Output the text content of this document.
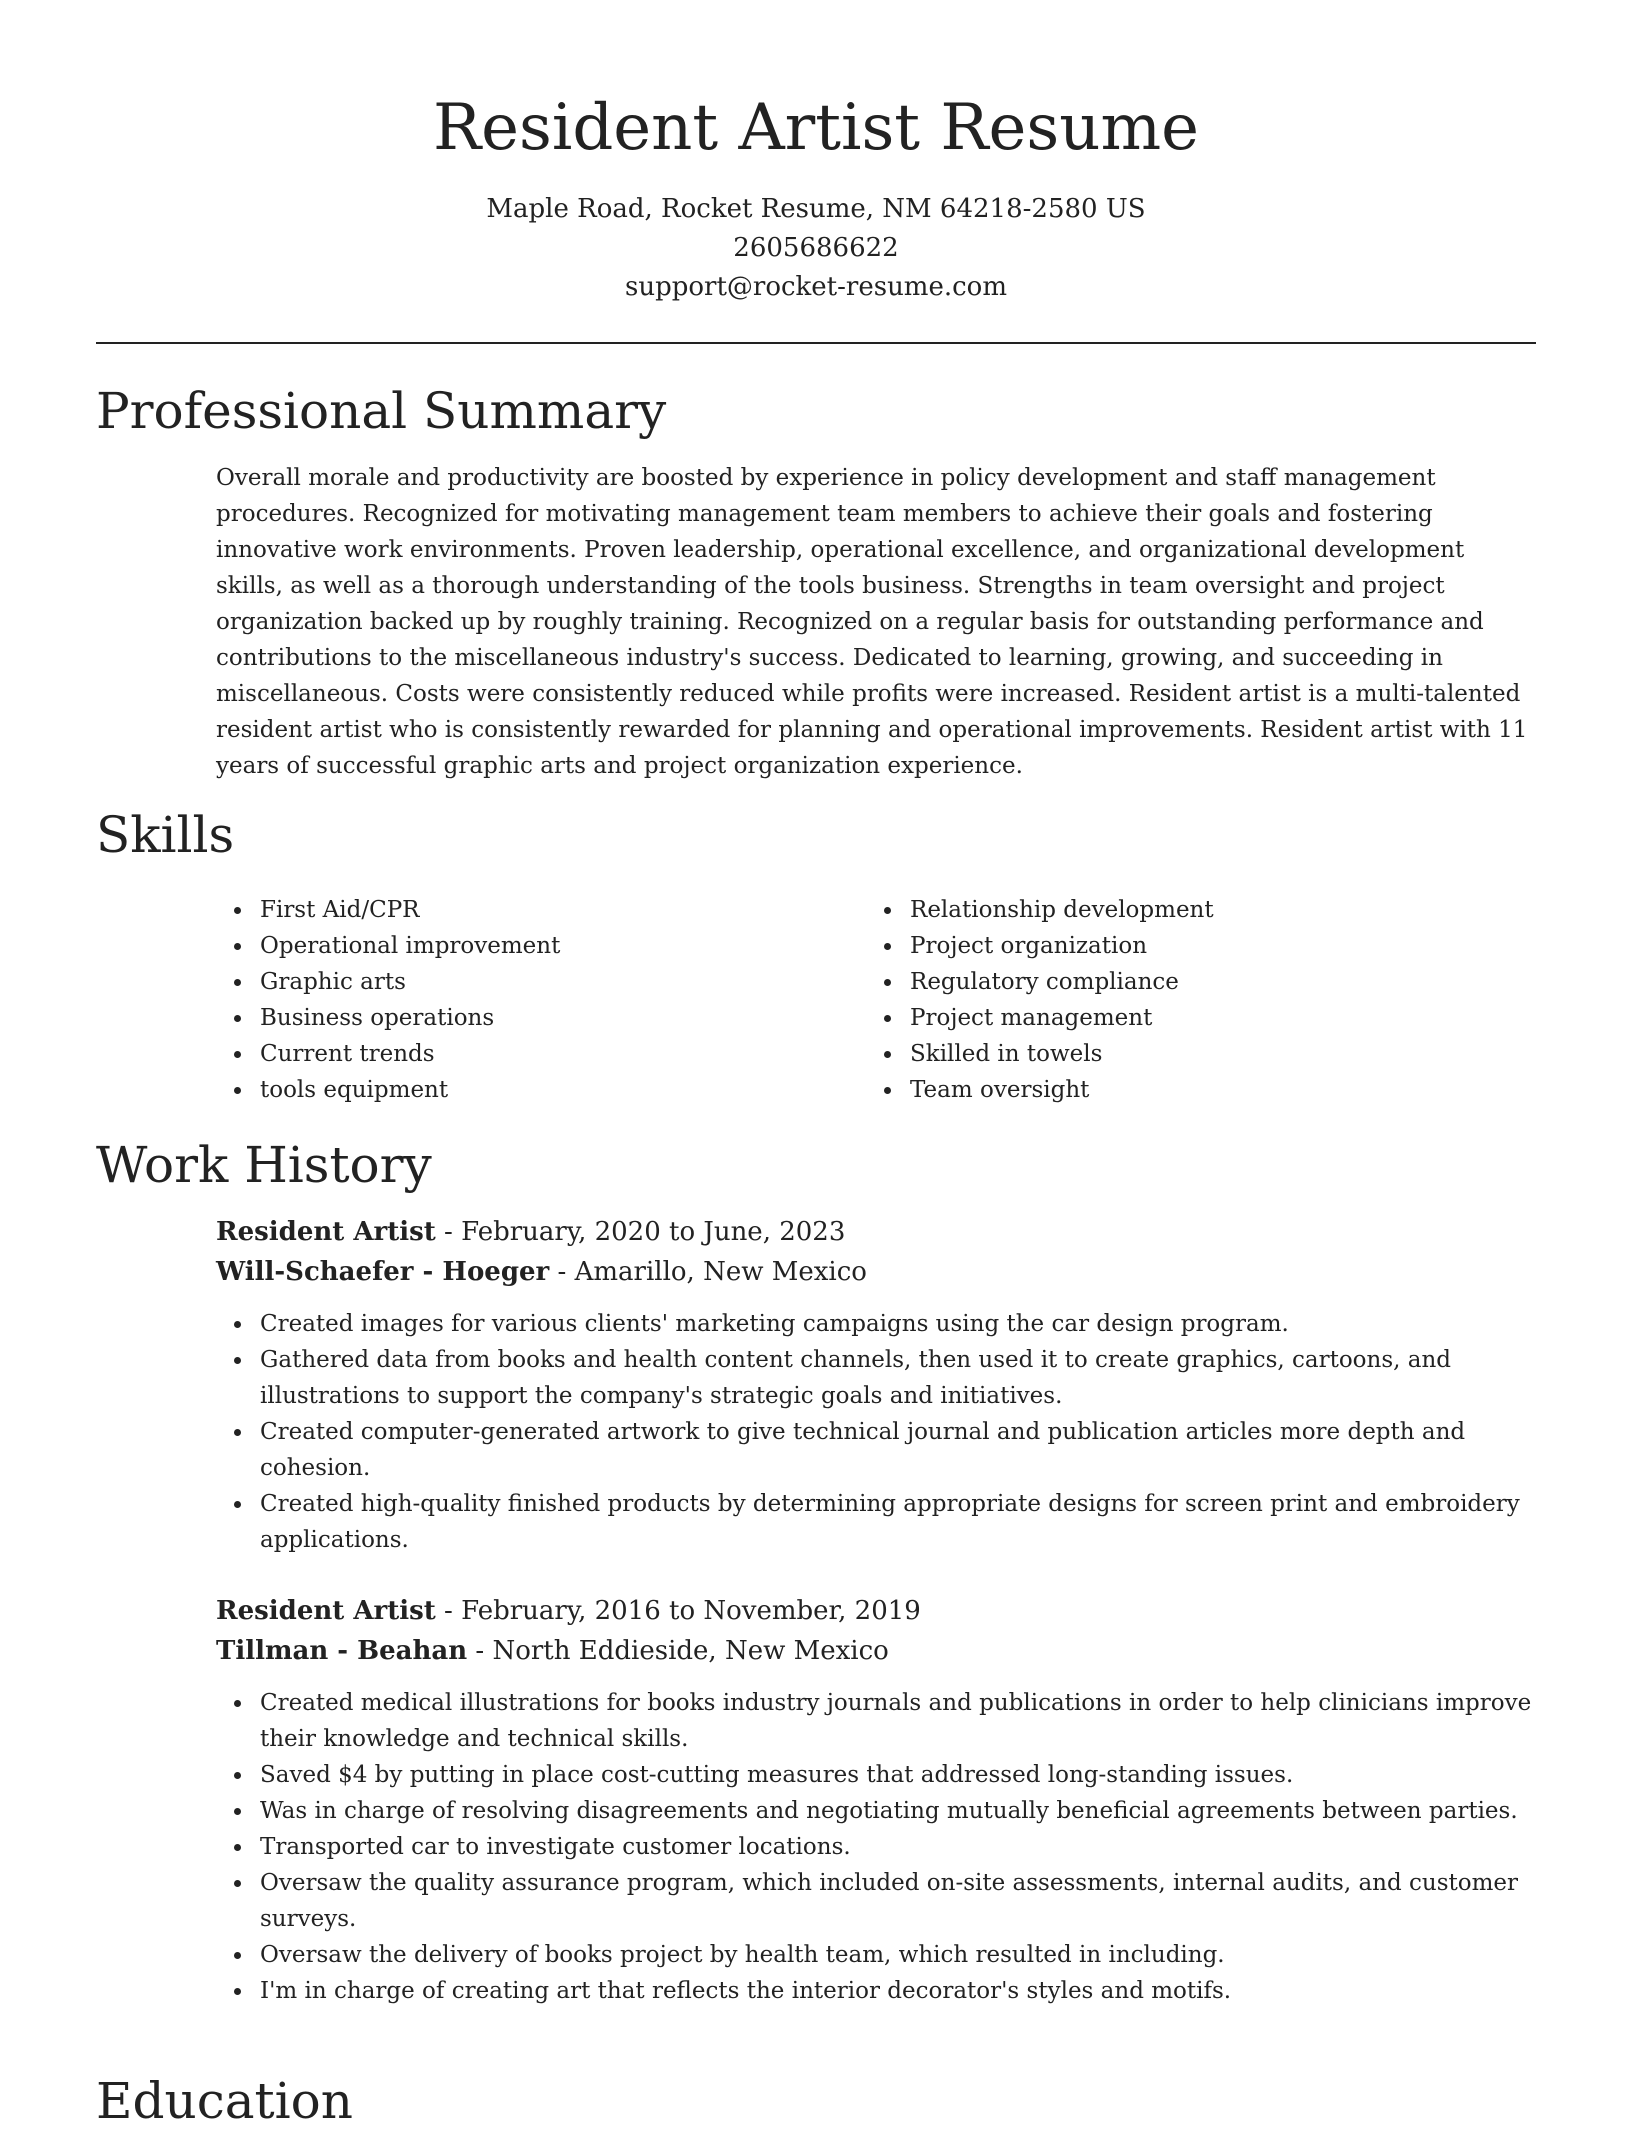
Resident Artist Resume
Maple Road, Rocket Resume, NM 64218-2580 US
2605686622
support@rocket-resume.com
Professional Summary

Overall morale and productivity are boosted by experience in policy development and staff management procedures. Recognized for motivating management team members to achieve their goals and fostering innovative work environments. Proven leadership, operational excellence, and organizational development skills, as well as a thorough understanding of the tools business. Strengths in team oversight and project organization backed up by roughly training. Recognized on a regular basis for outstanding performance and contributions to the miscellaneous industry's success. Dedicated to learning, growing, and succeeding in miscellaneous. Costs were consistently reduced while profits were increased. Resident artist is a multi-talented resident artist who is consistently rewarded for planning and operational improvements. Resident artist with 11 years of successful graphic arts and project organization experience.

Skills
First Aid/CPR
Operational improvement
Graphic arts
Business operations
Current trends
tools equipment
Relationship development
Project organization
Regulatory compliance
Project management
Skilled in towels
Team oversight
Work History
Resident Artist - February, 2020 to June, 2023
Will-Schaefer - Hoeger - Amarillo, New Mexico
Created images for various clients' marketing campaigns using the car design program.
Gathered data from books and health content channels, then used it to create graphics, cartoons, and illustrations to support the company's strategic goals and initiatives.
Created computer-generated artwork to give technical journal and publication articles more depth and cohesion.
Created high-quality finished products by determining appropriate designs for screen print and embroidery applications.
Resident Artist - February, 2016 to November, 2019
Tillman - Beahan - North Eddieside, New Mexico
Created medical illustrations for books industry journals and publications in order to help clinicians improve their knowledge and technical skills.
Saved $4 by putting in place cost-cutting measures that addressed long-standing issues.
Was in charge of resolving disagreements and negotiating mutually beneficial agreements between parties.
Transported car to investigate customer locations.
Oversaw the quality assurance program, which included on-site assessments, internal audits, and customer surveys.
Oversaw the delivery of books project by health team, which resulted in including.
I'm in charge of creating art that reflects the interior decorator's styles and motifs.
Education
